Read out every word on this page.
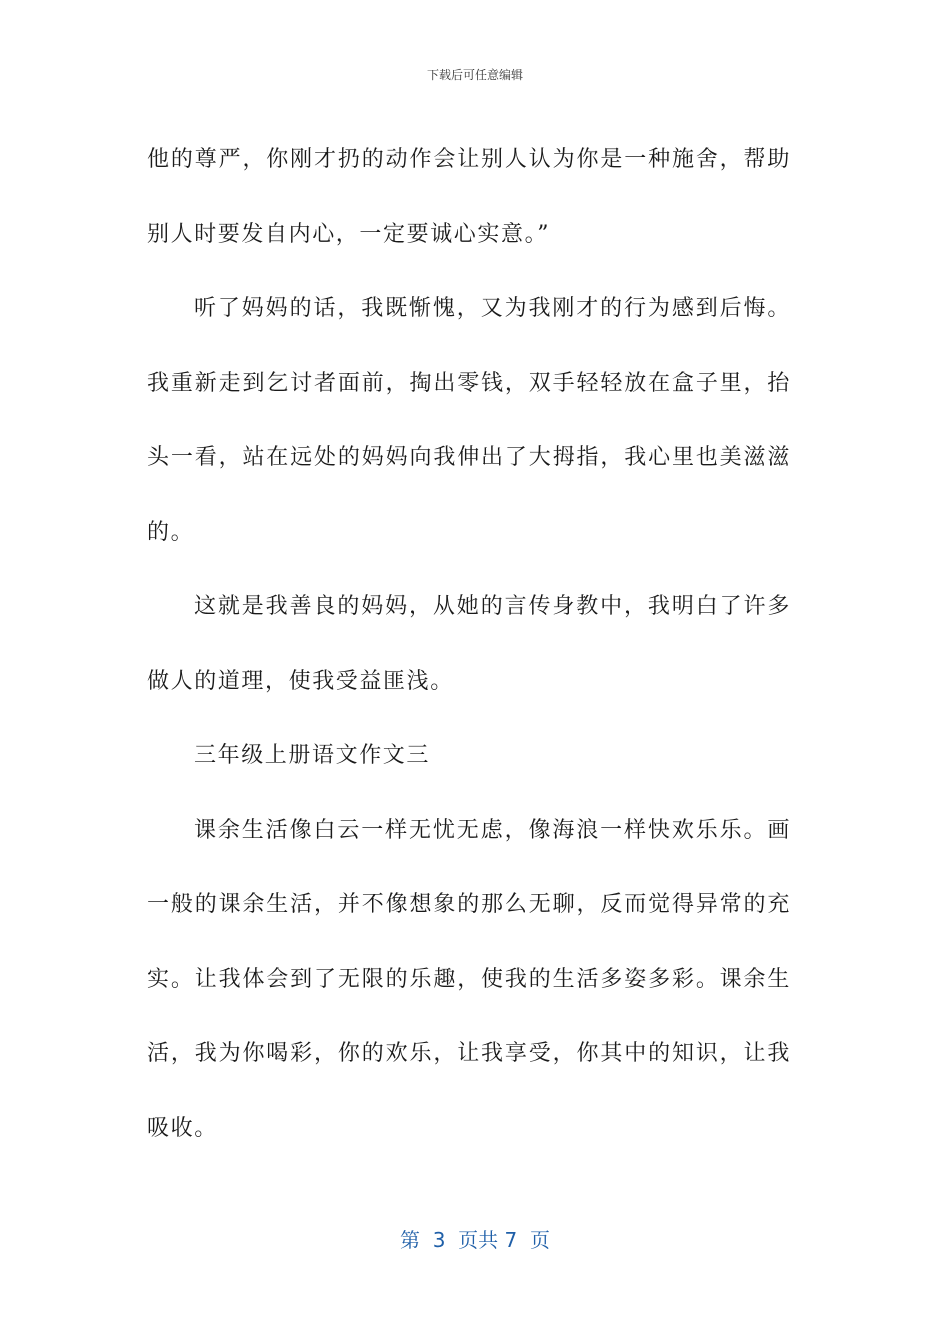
下载后可任意编辑

他的尊严，你刚才扔的动作会让别人认为你是一种施舍，帮助别人时要发自内心，一定要诚心实意。”

听了妈妈的话，我既惭愧，又为我刚才的行为感到后悔。我重新走到乞讨者面前，掏出零钱，双手轻轻放在盒子里，抬头一看，站在远处的妈妈向我伸出了大拇指，我心里也美滋滋的。

这就是我善良的妈妈，从她的言传身教中，我明白了许多做人的道理，使我受益匪浅。

三年级上册语文作文三

课余生活像白云一样无忧无虑，像海浪一样快欢乐乐。画一般的课余生活，并不像想象的那么无聊，反而觉得异常的充实。让我体会到了无限的乐趣，使我的生活多姿多彩。课余生活，我为你喝彩，你的欢乐，让我享受，你其中的知识，让我吸收。

第  3  页共 7  页
